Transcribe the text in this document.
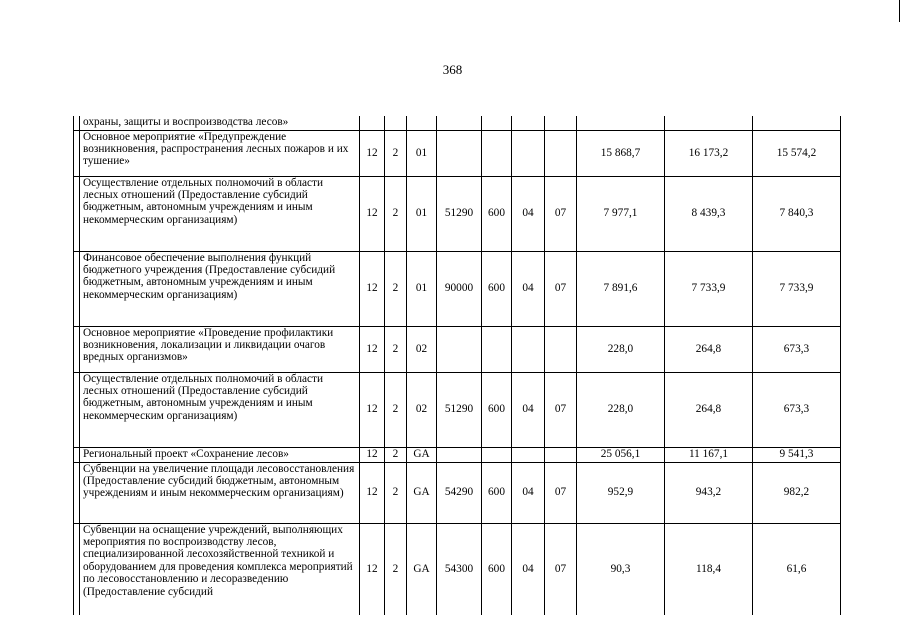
368
	охраны, защиты и воспроизводства лесов»										
	Основное мероприятие «Предупреждение возникновения, распространения лесных пожаров и их тушение»	12	2	01					15 868,7	16 173,2	15 574,2
	Осуществление отдельных полномочий в области лесных отношений (Предоставление субсидий бюджетным, автономным учреждениям и иным некоммерческим организациям)	12	2	01	51290	600	04	07	7 977,1	8 439,3	7 840,3
	Финансовое обеспечение выполнения функций бюджетного учреждения (Предоставление субсидий бюджетным, автономным учреждениям и иным некоммерческим организациям)	12	2	01	90000	600	04	07	7 891,6	7 733,9	7 733,9
	Основное мероприятие «Проведение профилактики возникновения, локализации и ликвидации очагов вредных организмов»	12	2	02					228,0	264,8	673,3
	Осуществление отдельных полномочий в области лесных отношений (Предоставление субсидий бюджетным, автономным учреждениям и иным некоммерческим организациям)	12	2	02	51290	600	04	07	228,0	264,8	673,3
	Региональный проект «Сохранение лесов»	12	2	GA					25 056,1	11 167,1	9 541,3
	Субвенции на увеличение площади лесовосстановления (Предоставление субсидий бюджетным, автономным учреждениям и иным некоммерческим организациям)	12	2	GA	54290	600	04	07	952,9	943,2	982,2
	Субвенции на оснащение учреждений, выполняющих мероприятия по воспроизводству лесов, специализированной лесохозяйственной техникой и оборудованием для проведения комплекса мероприятий по лесовосстановлению и лесоразведению (Предоставление субсидий	12	2	GA	54300	600	04	07	90,3	118,4	61,6
